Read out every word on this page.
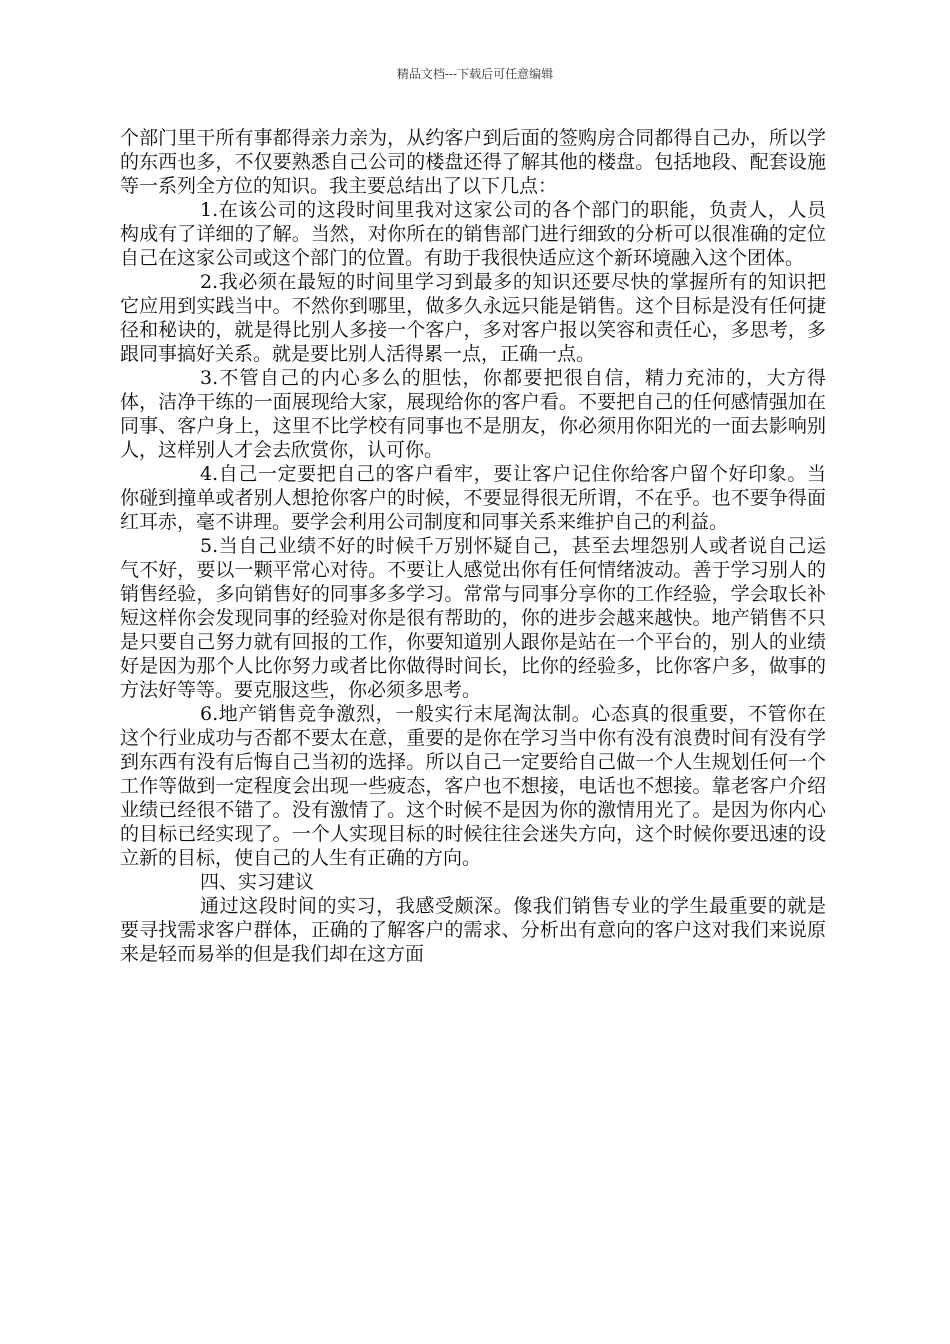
精品文档---下载后可任意编辑

个部门里干所有事都得亲力亲为，从约客户到后面的签购房合同都得自己办，所以学的东西也多，不仅要熟悉自己公司的楼盘还得了解其他的楼盘。包括地段、配套设施等一系列全方位的知识。我主要总结出了以下几点：

1.在该公司的这段时间里我对这家公司的各个部门的职能，负责人，人员构成有了详细的了解。当然，对你所在的销售部门进行细致的分析可以很准确的定位自己在这家公司或这个部门的位置。有助于我很快适应这个新环境融入这个团体。

2.我必须在最短的时间里学习到最多的知识还要尽快的掌握所有的知识把它应用到实践当中。不然你到哪里，做多久永远只能是销售。这个目标是没有任何捷径和秘诀的，就是得比别人多接一个客户，多对客户报以笑容和责任心，多思考，多跟同事搞好关系。就是要比别人活得累一点，正确一点。

3.不管自己的内心多么的胆怯，你都要把很自信，精力充沛的，大方得体，洁净干练的一面展现给大家，展现给你的客户看。不要把自己的任何感情强加在同事、客户身上，这里不比学校有同事也不是朋友，你必须用你阳光的一面去影响别人，这样别人才会去欣赏你，认可你。

4.自己一定要把自己的客户看牢，要让客户记住你给客户留个好印象。当你碰到撞单或者别人想抢你客户的时候，不要显得很无所谓，不在乎。也不要争得面红耳赤，毫不讲理。要学会利用公司制度和同事关系来维护自己的利益。

5.当自己业绩不好的时候千万别怀疑自己，甚至去埋怨别人或者说自己运气不好，要以一颗平常心对待。不要让人感觉出你有任何情绪波动。善于学习别人的销售经验，多向销售好的同事多多学习。常常与同事分享你的工作经验，学会取长补短这样你会发现同事的经验对你是很有帮助的，你的进步会越来越快。地产销售不只是只要自己努力就有回报的工作，你要知道别人跟你是站在一个平台的，别人的业绩好是因为那个人比你努力或者比你做得时间长，比你的经验多，比你客户多，做事的方法好等等。要克服这些，你必须多思考。

6.地产销售竞争激烈，一般实行末尾淘汰制。心态真的很重要，不管你在这个行业成功与否都不要太在意，重要的是你在学习当中你有没有浪费时间有没有学到东西有没有后悔自己当初的选择。所以自己一定要给自己做一个人生规划任何一个工作等做到一定程度会出现一些疲态，客户也不想接，电话也不想接。靠老客户介绍业绩已经很不错了。没有激情了。这个时候不是因为你的激情用光了。是因为你内心的目标已经实现了。一个人实现目标的时候往往会迷失方向，这个时候你要迅速的设立新的目标，使自己的人生有正确的方向。

四、实习建议

通过这段时间的实习，我感受颇深。像我们销售专业的学生最重要的就是要寻找需求客户群体，正确的了解客户的需求、分析出有意向的客户这对我们来说原来是轻而易举的但是我们却在这方面
